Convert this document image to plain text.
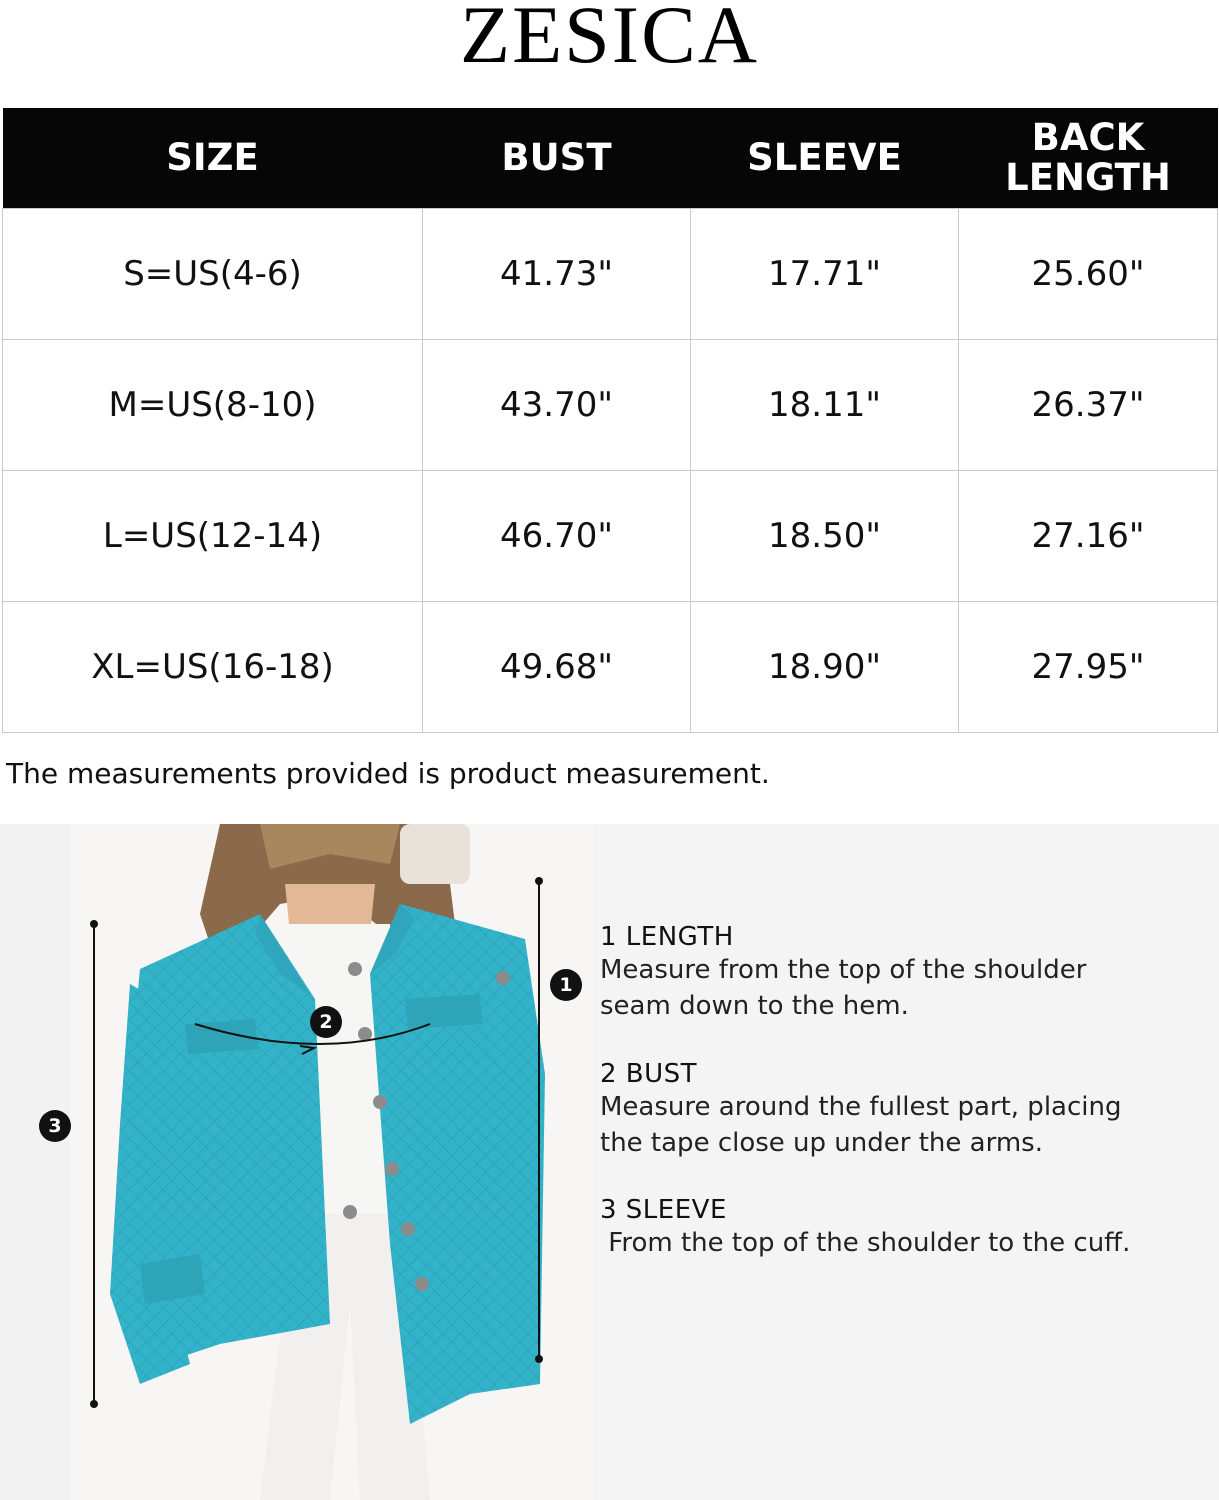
ZESICA
SIZE	BUST	SLEEVE	BACK
LENGTH
S=US(4-6)	41.73"	17.71"	25.60"
M=US(8-10)	43.70"	18.11"	26.37"
L=US(12-14)	46.70"	18.50"	27.16"
XL=US(16-18)	49.68"	18.90"	27.95"
The measurements provided is product measurement.
3
2
1
1 LENGTH

Measure from the top of the shoulder

seam down to the hem.

2 BUST

Measure around the fullest part, placing

the tape close up under the arms.

3 SLEEVE

From the top of the shoulder to the cuff.
